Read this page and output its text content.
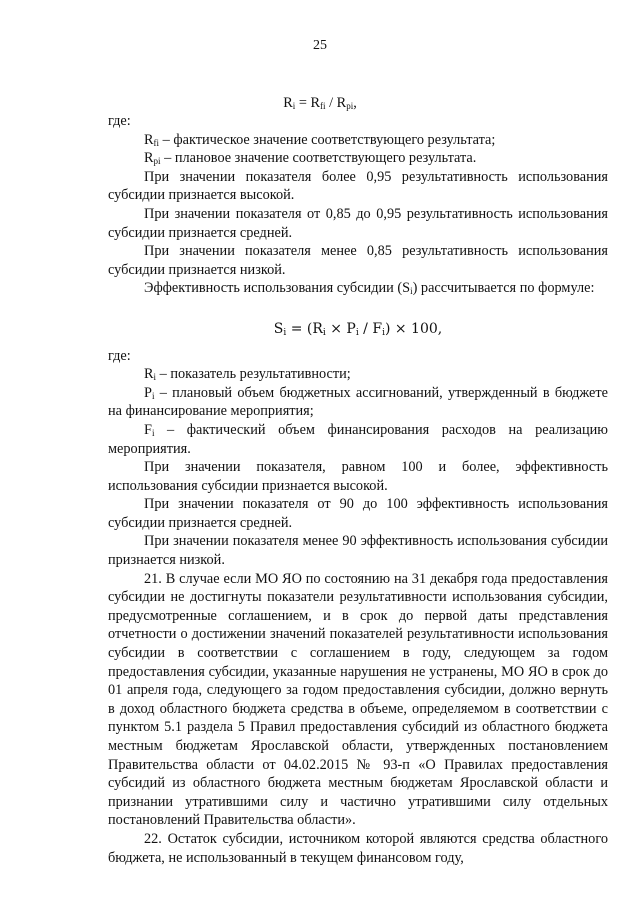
25
$R_i = R_{fi} / R_{pi}$,

где:

$R_{fi}$ – фактическое значение соответствующего результата;

$R_{pi}$ – плановое значение соответствующего результата.

При значении показателя более 0,95 результативность использования субсидии признается высокой.

При значении показателя от 0,85 до 0,95 результативность использования субсидии признается средней.

При значении показателя менее 0,85 результативность использования субсидии признается низкой.

Эффективность использования субсидии $(S_i)$ рассчитывается по формуле:

$S_i = (R_i \times P_i / F_i) \times 100$,

где:

$R_i$ – показатель результативности;

$P_i$ – плановый объем бюджетных ассигнований, утвержденный в бюджете на финансирование мероприятия;

$F_i$ – фактический объем финансирования расходов на реализацию мероприятия.

При значении показателя, равном 100 и более, эффективность использования субсидии признается высокой.

При значении показателя от 90 до 100 эффективность использования субсидии признается средней.

При значении показателя менее 90 эффективность использования субсидии признается низкой.

21. В случае если МО ЯО по состоянию на 31 декабря года предоставления субсидии не достигнуты показатели результативности использования субсидии, предусмотренные соглашением, и в срок до первой даты представления отчетности о достижении значений показателей результативности использования субсидии в соответствии с соглашением в году, следующем за годом предоставления субсидии, указанные нарушения не устранены, МО ЯО в срок до 01 апреля года, следующего за годом предоставления субсидии, должно вернуть в доход областного бюджета средства в объеме, определяемом в соответствии с пунктом 5.1 раздела 5 Правил предоставления субсидий из областного бюджета местным бюджетам Ярославской области, утвержденных постановлением Правительства области от 04.02.2015 № 93-п «О Правилах предоставления субсидий из областного бюджета местным бюджетам Ярославской области и признании утратившими силу и частично утратившими силу отдельных постановлений Правительства области».

22. Остаток субсидии, источником которой являются средства областного бюджета, не использованный в текущем финансовом году,
